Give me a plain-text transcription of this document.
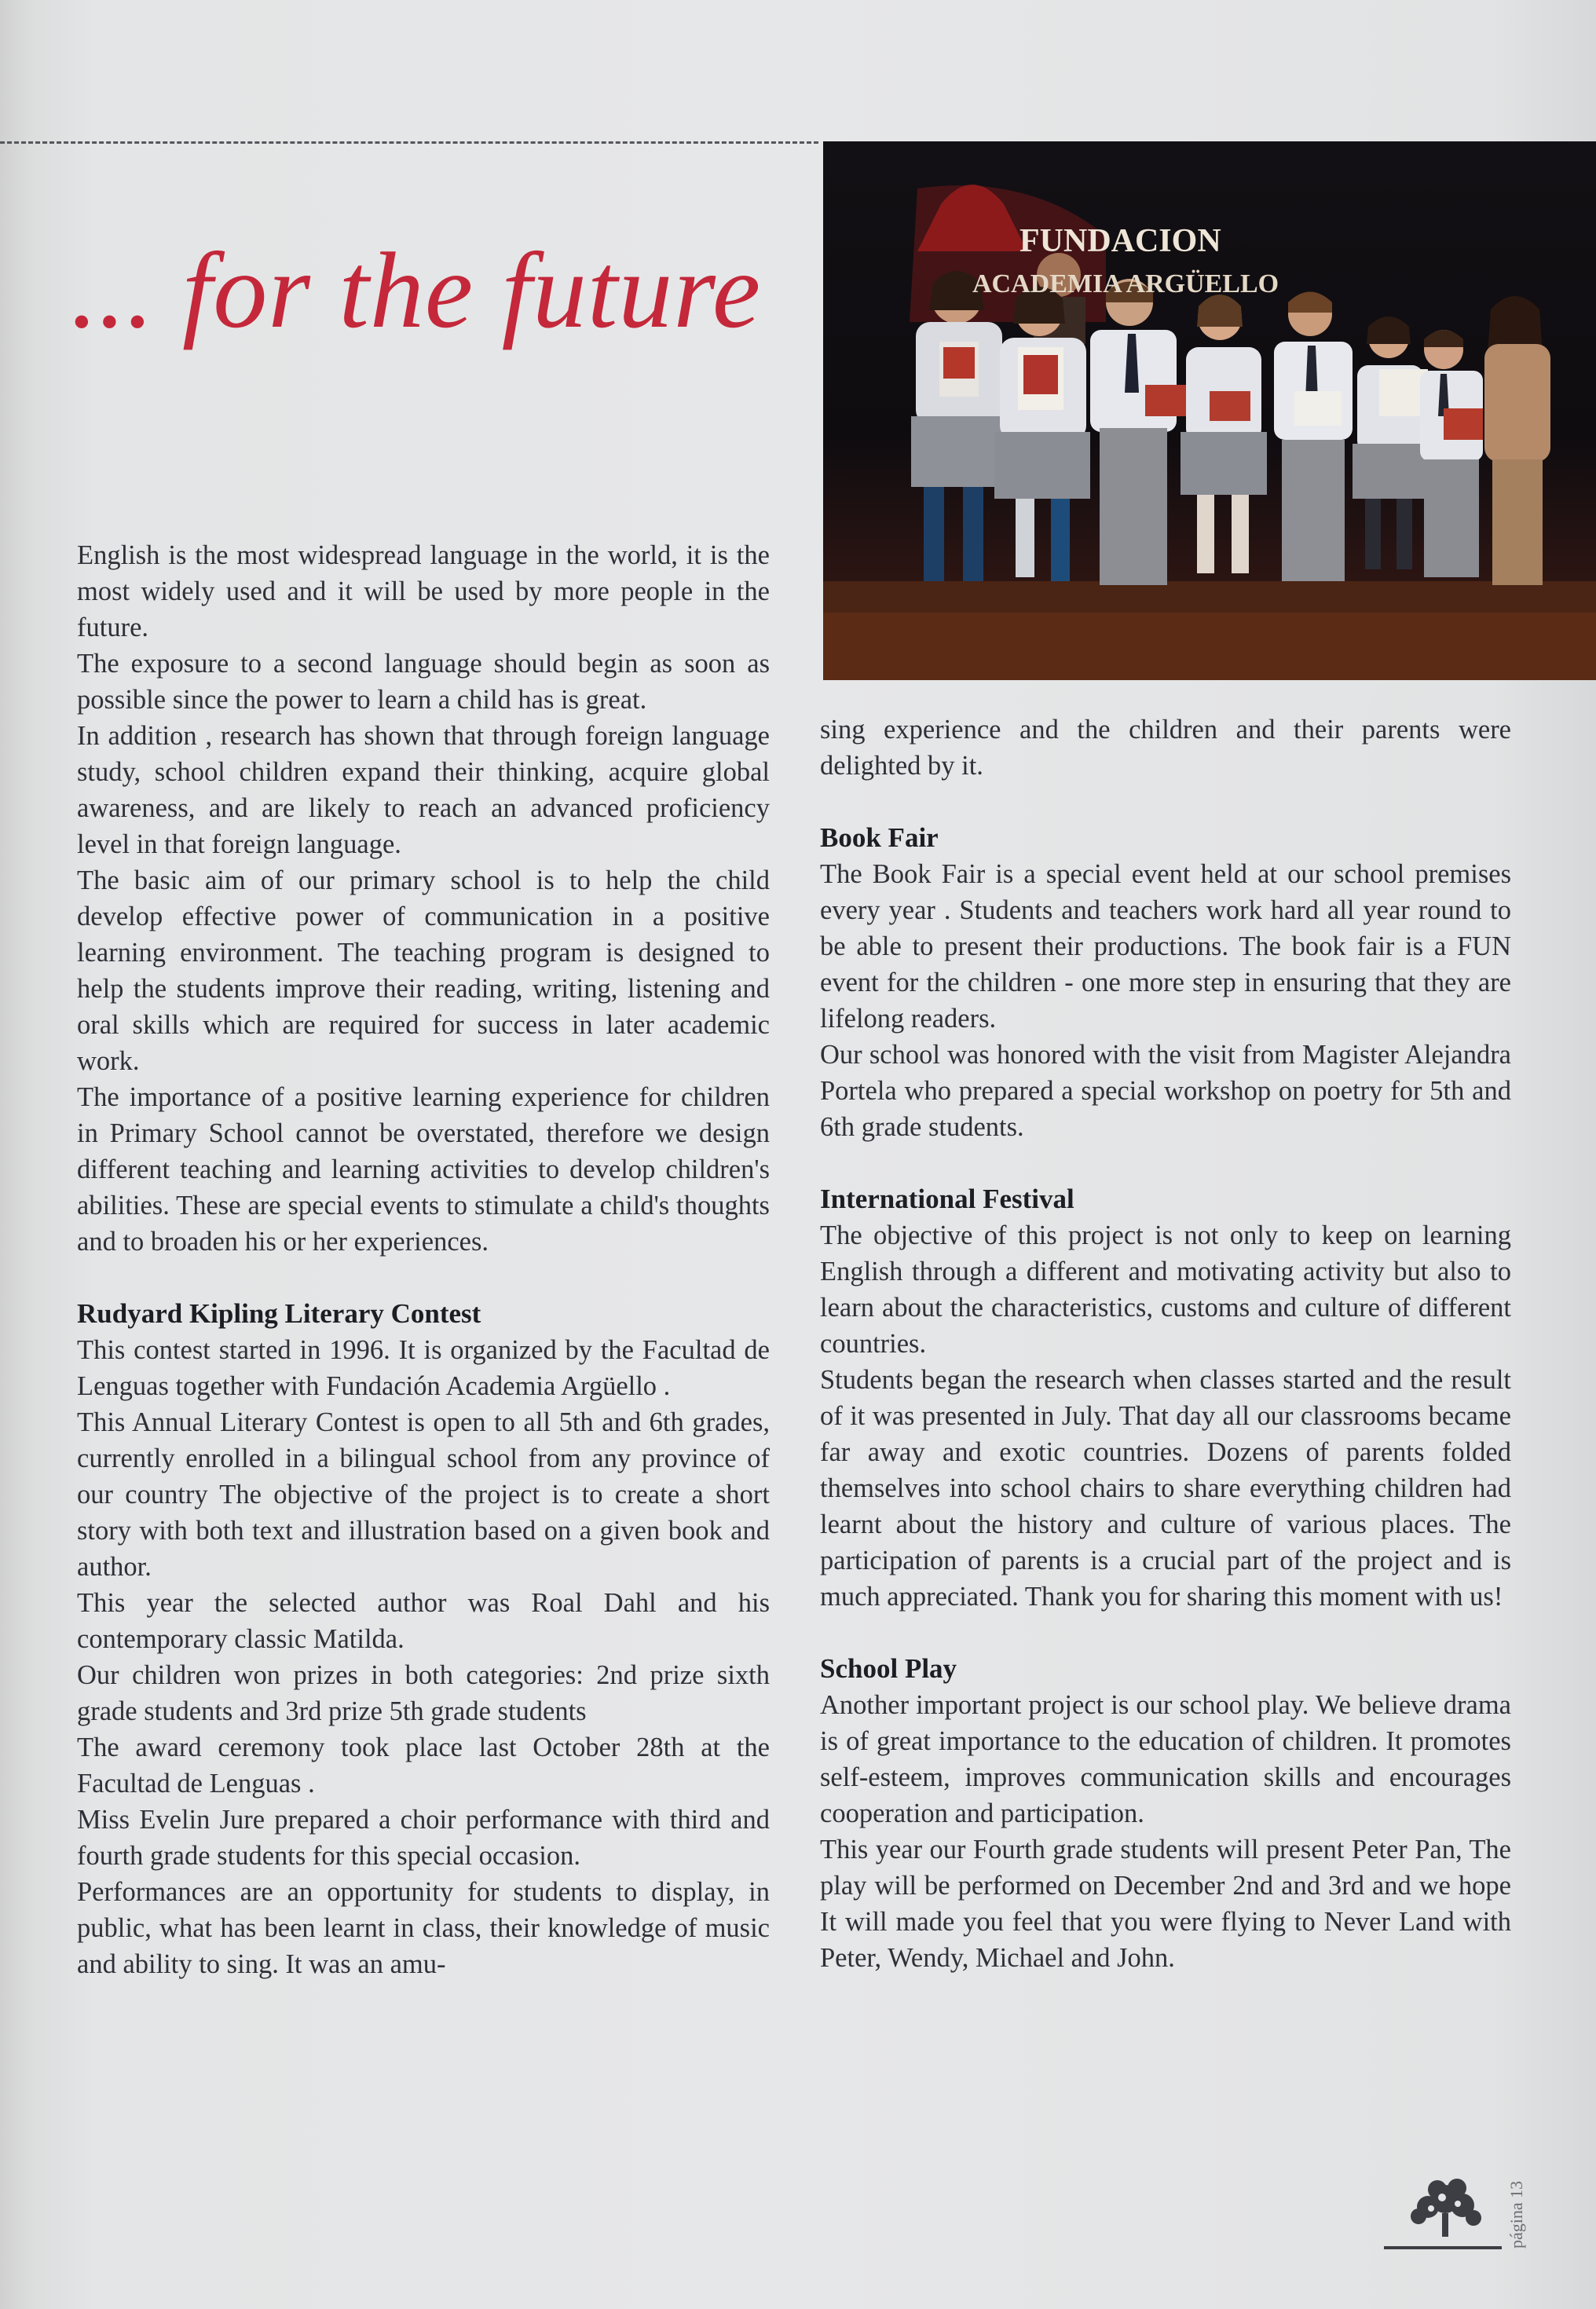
... for the future	FUNDACION
ACADEMIA ARGÜELLO

English is the most widespread language in the world, it is the most widely used and it will be used by more people in the future.

The exposure to a second language should begin as soon as possible since the power to learn a child has is great.

In addition , research has shown that through foreign language study, school children expand their thinking, acquire global awareness, and are likely to reach an advanced proficiency level in that foreign language.

The basic aim of our primary school is to help the child develop effective power of communication in a positive learning environment. The teaching program is designed to help the students improve their reading, writing, listening and oral skills which are required for success in later academic work.

The importance of a positive learning experience for children in Primary School cannot be overstated, therefore we design different teaching and learning activities to develop children's abilities. These are special events to stimulate a child's thoughts and to broaden his or her experiences.

Rudyard Kipling Literary Contest

This contest started in 1996. It is organized by the Facultad de Lenguas together with Fundación Academia Argüello .

This Annual Literary Contest is open to all 5th and 6th grades, currently enrolled in a bilingual school from any province of our country The objective of the project is to create a short story with both text and illustration based on a given book and author.

This year the selected author was Roal Dahl and his contemporary classic Matilda.

Our children won prizes in both categories: 2nd prize sixth grade students and 3rd prize 5th grade students

The award ceremony took place last October 28th at the Facultad de Lenguas .

Miss Evelin Jure prepared a choir performance with third and fourth grade students for this special occasion.

Performances are an opportunity for students to display, in public, what has been learnt in class, their knowledge of music and ability to sing. It was an amu-

sing experience and the children and their parents were delighted by it.

Book Fair

The Book Fair is a special event held at our school premises every year . Students and teachers work hard all year round to be able to present their productions. The book fair is a FUN event for the children - one more step in ensuring that they are lifelong readers.

Our school was honored with the visit from Magister Alejandra Portela who prepared a special workshop on poetry for 5th and 6th grade students.

International Festival

The objective of this project is not only to keep on learning English through a different and motivating activity but also to learn about the characteristics, customs and culture of different countries.

Students began the research when classes started and the result of it was presented in July. That day all our classrooms became far away and exotic countries. Dozens of parents folded themselves into school chairs to share everything children had learnt about the history and culture of various places. The participation of parents is a crucial part of the project and is much appreciated. Thank you for sharing this moment with us!

School Play

Another important project is our school play. We believe drama is of great importance to the education of children. It promotes self-esteem, improves communication skills and encourages cooperation and participation.

This year our Fourth grade students will present Peter Pan, The play will be performed on December 2nd and 3rd and we hope It will made you feel that you were flying to Never Land with Peter, Wendy, Michael and John.

página 13
